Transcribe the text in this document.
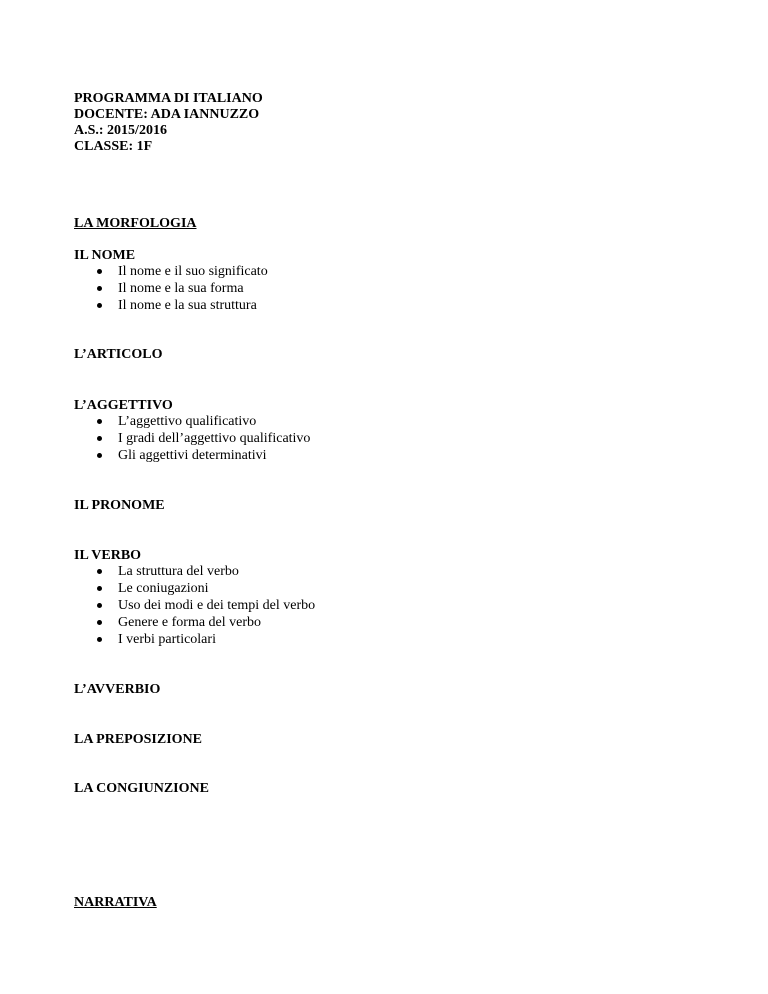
PROGRAMMA DI ITALIANO
DOCENTE: ADA IANNUZZO
A.S.: 2015/2016
CLASSE: 1F
LA MORFOLOGIA
IL NOME
Il nome e il suo significato
Il nome e la sua forma
Il nome e la sua struttura
L’ARTICOLO
L’AGGETTIVO
L’aggettivo qualificativo
I gradi dell’aggettivo qualificativo
Gli aggettivi determinativi
IL PRONOME
IL VERBO
La struttura del verbo
Le coniugazioni
Uso dei modi e dei tempi del verbo
Genere e forma del verbo
I verbi particolari
L’AVVERBIO
LA PREPOSIZIONE
LA CONGIUNZIONE
NARRATIVA
